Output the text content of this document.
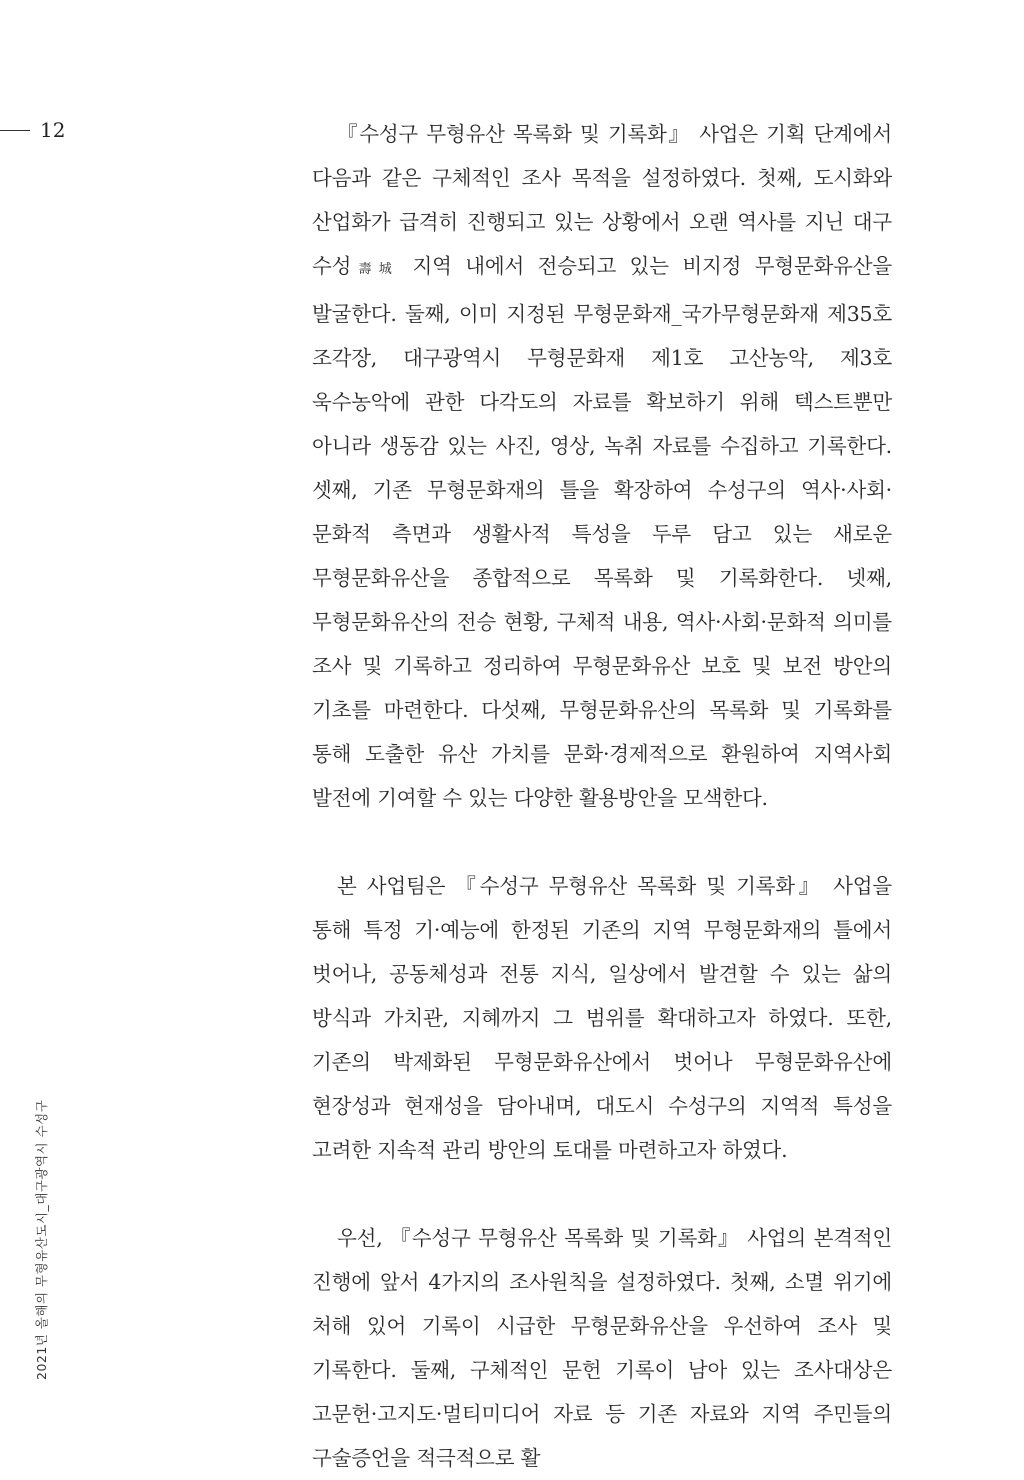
12
2021년 올해의 무형유산도시_대구광역시 수성구

『수성구 무형유산 목록화 및 기록화』 사업은 기획 단계에서 다음과 같은 구체적인 조사 목적을 설정하였다. 첫째, 도시화와 산업화가 급격히 진행되고 있는 상황에서 오랜 역사를 지닌 대구 수성壽城 지역 내에서 전승되고 있는 비지정 무형문화유산을 발굴한다. 둘째, 이미 지정된 무형문화재_국가무형문화재 제35호 조각장, 대구광역시 무형문화재 제1호 고산농악, 제3호 욱수농악에 관한 다각도의 자료를 확보하기 위해 텍스트뿐만 아니라 생동감 있는 사진, 영상, 녹취 자료를 수집하고 기록한다. 셋째, 기존 무형문화재의 틀을 확장하여 수성구의 역사·사회·문화적 측면과 생활사적 특성을 두루 담고 있는 새로운 무형문화유산을 종합적으로 목록화 및 기록화한다. 넷째, 무형문화유산의 전승 현황, 구체적 내용, 역사·사회·문화적 의미를 조사 및 기록하고 정리하여 무형문화유산 보호 및 보전 방안의 기초를 마련한다. 다섯째, 무형문화유산의 목록화 및 기록화를 통해 도출한 유산 가치를 문화·경제적으로 환원하여 지역사회 발전에 기여할 수 있는 다양한 활용방안을 모색한다.

본 사업팀은 『수성구 무형유산 목록화 및 기록화』 사업을 통해 특정 기·예능에 한정된 기존의 지역 무형문화재의 틀에서 벗어나, 공동체성과 전통 지식, 일상에서 발견할 수 있는 삶의 방식과 가치관, 지혜까지 그 범위를 확대하고자 하였다. 또한, 기존의 박제화된 무형문화유산에서 벗어나 무형문화유산에 현장성과 현재성을 담아내며, 대도시 수성구의 지역적 특성을 고려한 지속적 관리 방안의 토대를 마련하고자 하였다.

우선, 『수성구 무형유산 목록화 및 기록화』 사업의 본격적인 진행에 앞서 4가지의 조사원칙을 설정하였다. 첫째, 소멸 위기에 처해 있어 기록이 시급한 무형문화유산을 우선하여 조사 및 기록한다. 둘째, 구체적인 문헌 기록이 남아 있는 조사대상은 고문헌·고지도·멀티미디어 자료 등 기존 자료와 지역 주민들의 구술증언을 적극적으로 활
